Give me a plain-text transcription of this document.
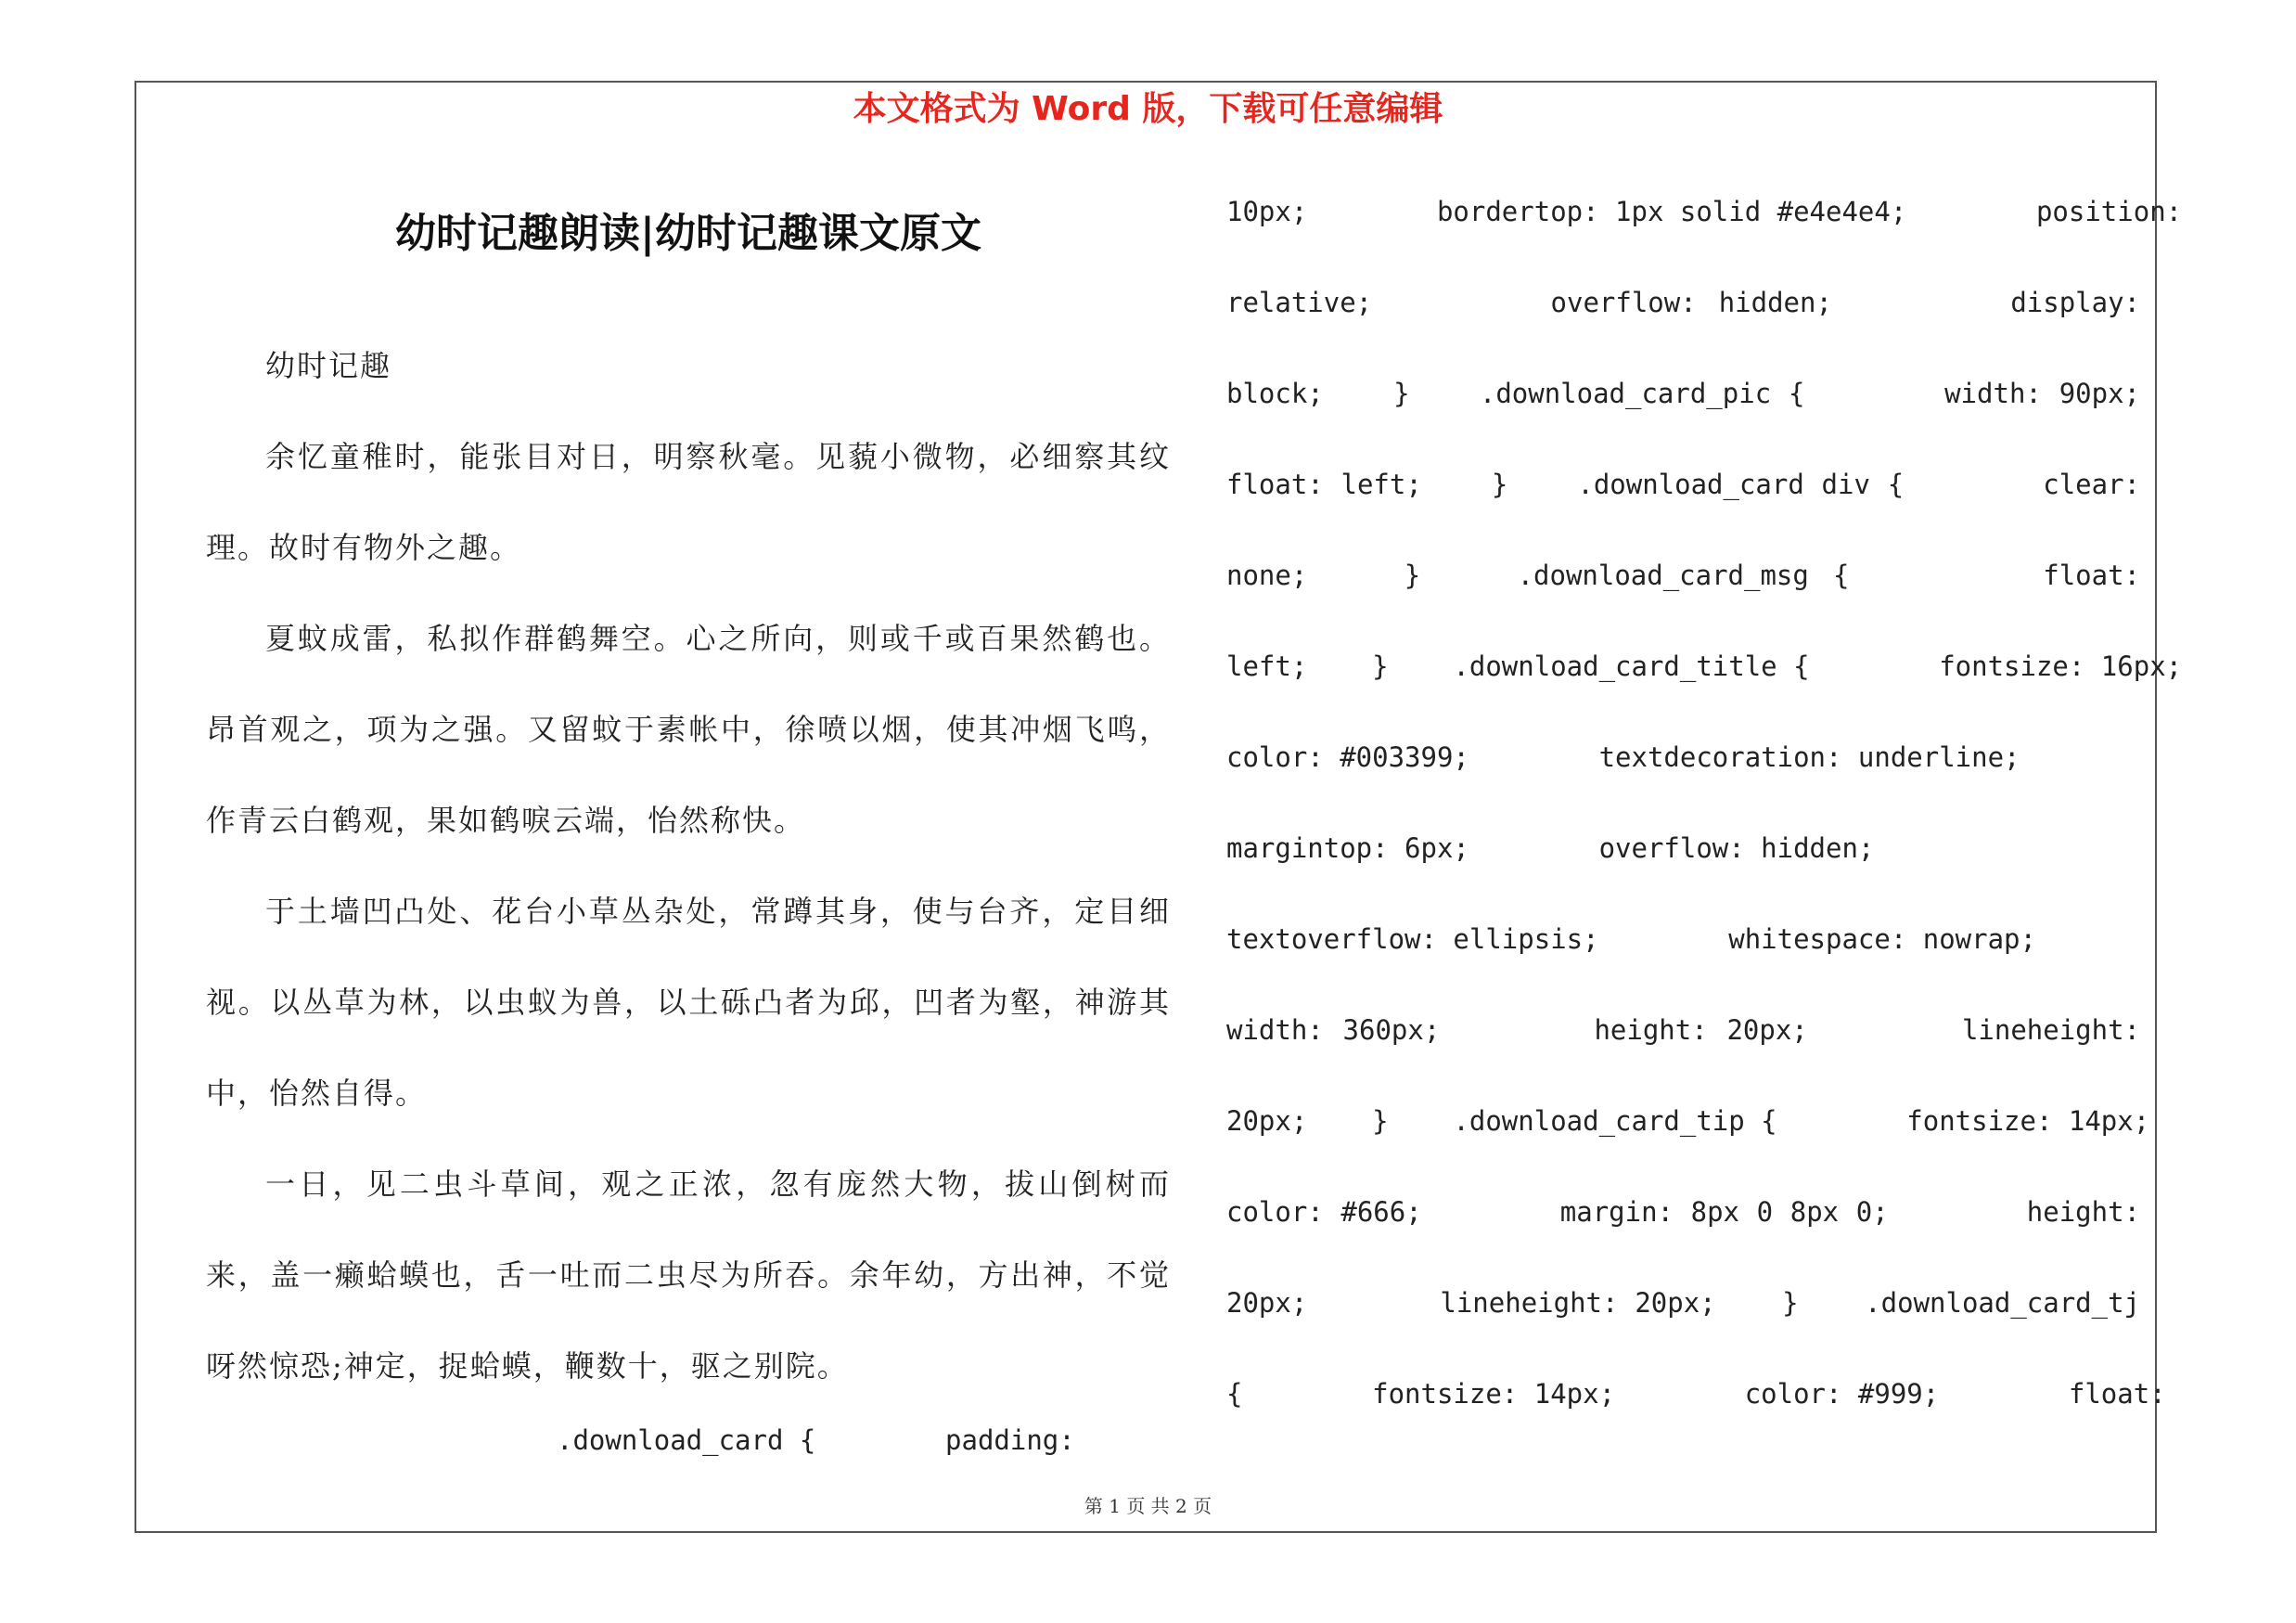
本文格式为 Word 版，下载可任意编辑
幼时记趣朗读|幼时记趣课文原文

幼时记趣

余忆童稚时，能张目对日，明察秋毫。见藐小微物，必细察其纹理。故时有物外之趣。

夏蚊成雷，私拟作群鹤舞空。心之所向，则或千或百果然鹤也。昂首观之，项为之强。又留蚊于素帐中，徐喷以烟，使其冲烟飞鸣，作青云白鹤观，果如鹤唳云端，怡然称快。

于土墙凹凸处、花台小草丛杂处，常蹲其身，使与台齐，定目细视。以丛草为林，以虫蚁为兽，以土砾凸者为邱，凹者为壑，神游其中，怡然自得。

一日，见二虫斗草间，观之正浓，忽有庞然大物，拔山倒树而来，盖一癞蛤蟆也，舌一吐而二虫尽为所吞。余年幼，方出神，不觉呀然惊恐;神定，捉蛤蟆，鞭数十，驱之别院。

.download_card {        padding:
10px;        bordertop: 1px solid #e4e4e4;        position:
relative;        overflow: hidden;        display:
block;    }    .download_card_pic {        width: 90px;
float: left;    }    .download_card div {        clear:
none;    }    .download_card_msg {        float:
left;    }    .download_card_title {        fontsize: 16px;
color: #003399;        textdecoration: underline;
margintop: 6px;        overflow: hidden;
textoverflow: ellipsis;        whitespace: nowrap;
width: 360px;        height: 20px;        lineheight:
20px;    }    .download_card_tip {        fontsize: 14px;
color: #666;        margin: 8px 0 8px 0;        height:
20px;        lineheight: 20px;    }    .download_card_tj
{        fontsize: 14px;        color: #999;        float:
第 1 页 共 2 页
